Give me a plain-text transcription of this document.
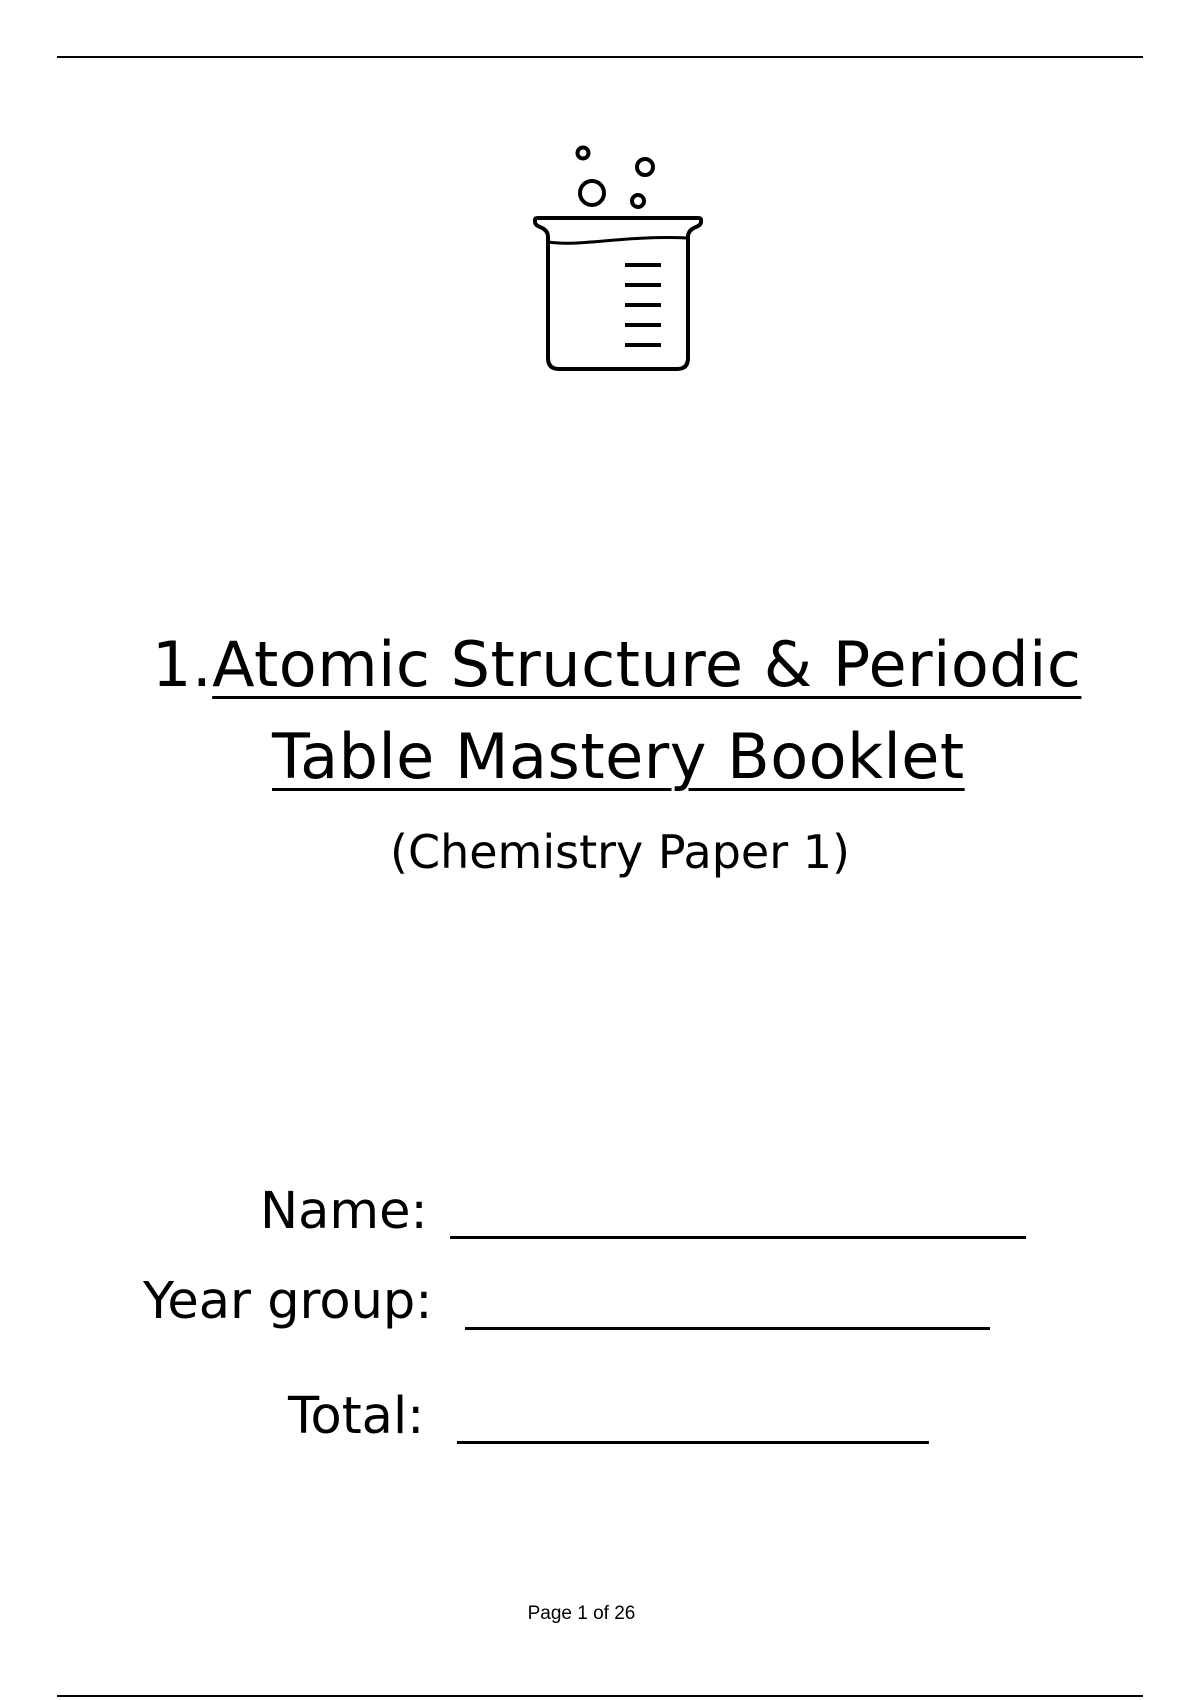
1.Atomic Structure & Periodic
Table Mastery Booklet
(Chemistry Paper 1)
Name:
Year group:
Total:
Page 1 of 26
